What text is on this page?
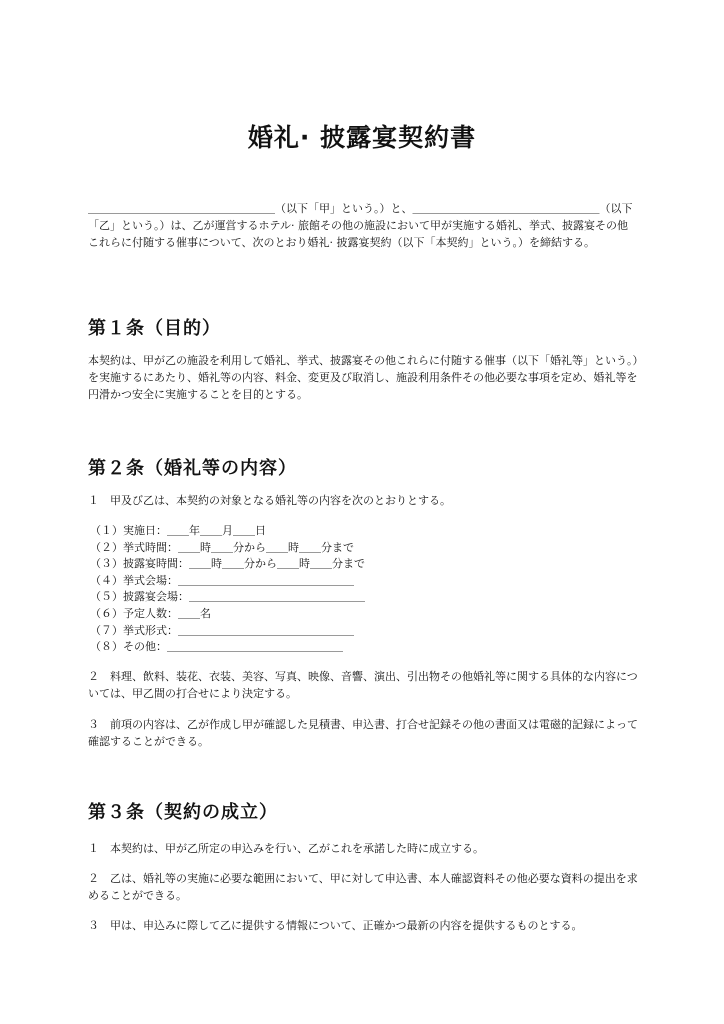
婚礼· 披露宴契約書

＿＿＿＿＿＿＿＿＿＿＿＿＿＿＿＿＿（以下「甲」という。）と、＿＿＿＿＿＿＿＿＿＿＿＿＿＿＿＿＿（以下「乙」という。）は、乙が運営するホテル· 旅館その他の施設において甲が実施する婚礼、挙式、披露宴その他これらに付随する催事について、次のとおり婚礼· 披露宴契約（以下「本契約」という。）を締結する。

第１条（目的）

本契約は、甲が乙の施設を利用して婚礼、挙式、披露宴その他これらに付随する催事（以下「婚礼等」という。）を実施するにあたり、婚礼等の内容、料金、変更及び取消し、施設利用条件その他必要な事項を定め、婚礼等を円滑かつ安全に実施することを目的とする。

第２条（婚礼等の内容）

１　甲及び乙は、本契約の対象となる婚礼等の内容を次のとおりとする。

（１）実施日：＿＿年＿＿月＿＿日
（２）挙式時間：＿＿時＿＿分から＿＿時＿＿分まで
（３）披露宴時間：＿＿時＿＿分から＿＿時＿＿分まで
（４）挙式会場：＿＿＿＿＿＿＿＿＿＿＿＿＿＿＿＿
（５）披露宴会場：＿＿＿＿＿＿＿＿＿＿＿＿＿＿＿＿
（６）予定人数：＿＿名
（７）挙式形式：＿＿＿＿＿＿＿＿＿＿＿＿＿＿＿＿
（８）その他：＿＿＿＿＿＿＿＿＿＿＿＿＿＿＿＿

２　料理、飲料、装花、衣装、美容、写真、映像、音響、演出、引出物その他婚礼等に関する具体的な内容については、甲乙間の打合せにより決定する。

３　前項の内容は、乙が作成し甲が確認した見積書、申込書、打合せ記録その他の書面又は電磁的記録によって確認することができる。

第３条（契約の成立）

１　本契約は、甲が乙所定の申込みを行い、乙がこれを承諾した時に成立する。

２　乙は、婚礼等の実施に必要な範囲において、甲に対して申込書、本人確認資料その他必要な資料の提出を求めることができる。

３　甲は、申込みに際して乙に提供する情報について、正確かつ最新の内容を提供するものとする。
